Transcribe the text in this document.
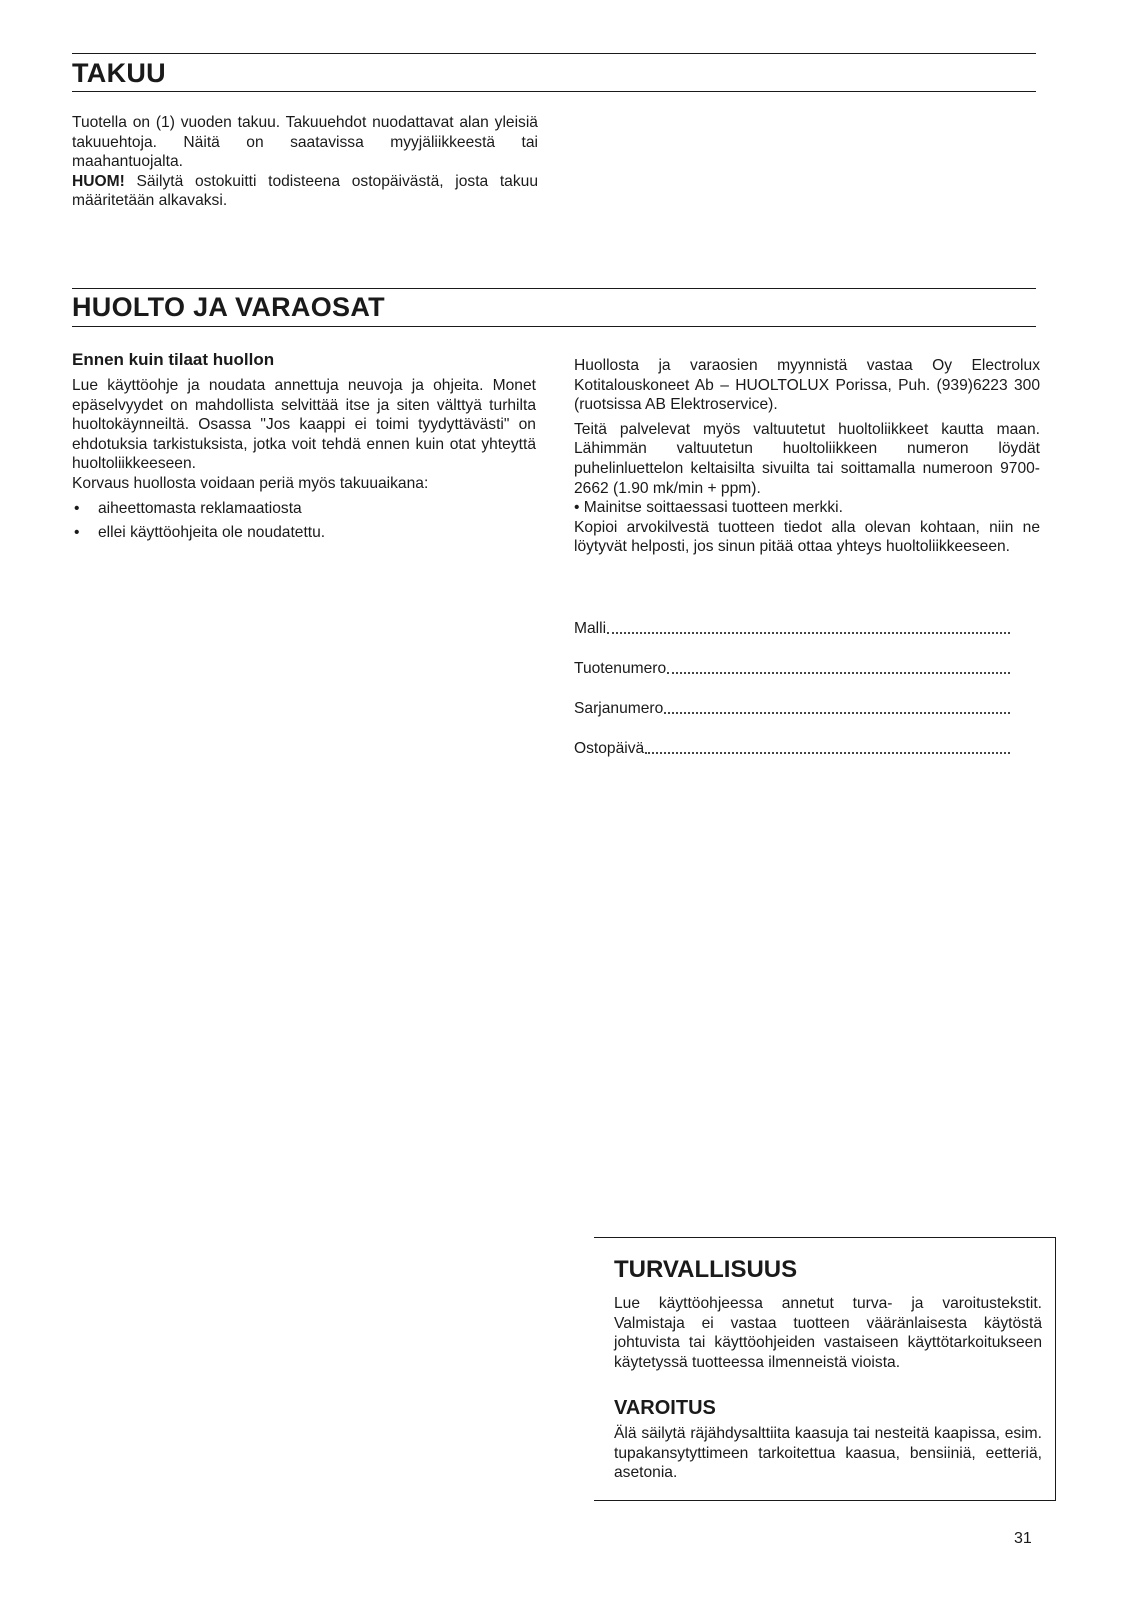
TAKUU

Tuotella on (1) vuoden takuu. Takuuehdot nuodattavat alan yleisiä takuuehtoja. Näitä on saatavissa myyjäliikkeestä tai maahantuojalta.

HUOM! Säilytä ostokuitti todisteena ostopäivästä, josta takuu määritetään alkavaksi.

HUOLTO JA VARAOSAT
Ennen kuin tilaat huollon

Lue käyttöohje ja noudata annettuja neuvoja ja ohjeita. Monet epäselvyydet on mahdollista selvittää itse ja siten välttyä turhilta huoltokäynneiltä. Osassa "Jos kaappi ei toimi tyydyttävästi" on ehdotuksia tarkistuksista, jotka voit tehdä ennen kuin otat yhteyttä huoltoliikkeeseen.

Korvaus huollosta voidaan periä myös takuuaikana:

• aiheettomasta reklamaatiosta
• ellei käyttöohjeita ole noudatettu.

Huollosta ja varaosien myynnistä vastaa Oy Electrolux Kotitalouskoneet Ab – HUOLTOLUX Porissa, Puh. (939)6223 300 (ruotsissa AB Elektroservice).

Teitä palvelevat myös valtuutetut huoltoliikkeet kautta maan. Lähimmän valtuutetun huoltoliikkeen numeron löydät puhelinluettelon keltaisilta sivuilta tai soittamalla numeroon 9700-2662 (1.90 mk/min + ppm).

• Mainitse soittaessasi tuotteen merkki.

Kopioi arvokilvestä tuotteen tiedot alla olevan kohtaan, niin ne löytyvät helposti, jos sinun pitää ottaa yhteys huoltoliikkeeseen.

Malli
Tuotenumero
Sarjanumero
Ostopäivä
TURVALLISUUS

Lue käyttöohjeessa annetut turva- ja varoitustekstit. Valmistaja ei vastaa tuotteen vääränlaisesta käytöstä johtuvista tai käyttöohjeiden vastaiseen käyttötarkoitukseen käytetyssä tuotteessa ilmenneistä vioista.

VAROITUS

Älä säilytä räjähdysalttiita kaasuja tai nesteitä kaapissa, esim. tupakansytyttimeen tarkoitettua kaasua, bensiiniä, eetteriä, asetonia.

31
